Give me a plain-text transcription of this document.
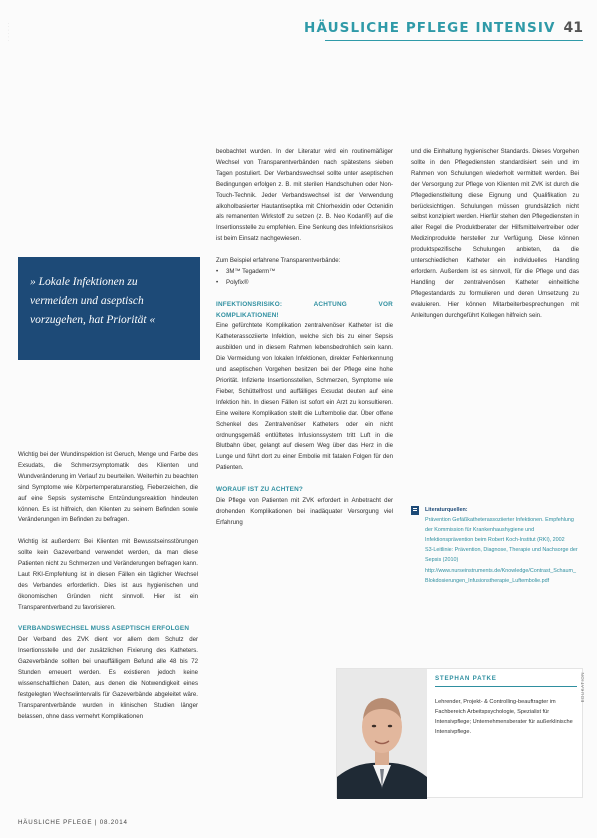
· · · · · ·	HÄUSLICHE PFLEGE INTENSIV 41
» Lokale Infektionen zu vermeiden und aseptisch vorzugehen, hat Priorität «

Wichtig bei der Wundinspektion ist Geruch, Menge und Farbe des Exsudats, die Schmerzsymptomatik des Klienten und Wundveränderung im Verlauf zu beurteilen. Weiterhin zu beachten sind Symptome wie Körpertemperaturanstieg, Fieberzeichen, die auf eine Sepsis systemische Entzündungsreaktion hindeuten können. Es ist hilfreich, den Klienten zu seinem Befinden sowie Veränderungen im Befinden zu befragen.

Wichtig ist außerdem: Bei Klienten mit Bewusstseinsstörungen sollte kein Gazeverband verwendet werden, da man diese Patienten nicht zu Schmerzen und Veränderungen befragen kann. Laut RKI-Empfehlung ist in diesen Fällen ein täglicher Wechsel des Verbandes erforderlich. Dies ist aus hygienischen und ökonomischen Gründen nicht sinnvoll. Hier ist ein Transparentverband zu favorisieren.

VERBANDSWECHSEL MUSS ASEPTISCH ERFOLGEN

Der Verband des ZVK dient vor allem dem Schutz der Insertionsstelle und der zusätzlichen Fixierung des Katheters. Gazeverbände sollten bei unauffälligem Befund alle 48 bis 72 Stunden erneuert werden. Es existieren jedoch keine wissenschaftlichen Daten, aus denen die Notwendigkeit eines festgelegten Wechselintervalls für Gazeverbände abgeleitet wäre. Transparentverbände wurden in klinischen Studien länger belassen, ohne dass vermehrt Komplikationen

beobachtet wurden. In der Literatur wird ein routinemäßiger Wechsel von Transparentverbänden nach spätestens sieben Tagen postuliert. Der Verbandswechsel sollte unter aseptischen Bedingungen erfolgen z. B. mit sterilen Handschuhen oder Non-Touch-Technik. Jeder Verbandswechsel ist der Verwendung alkoholbasierter Hautantiseptika mit Chlorhexidin oder Octenidin als remanenten Wirkstoff zu setzen (z. B. Neo Kodan®) auf die Insertionsstelle zu empfehlen. Eine Senkung des Infektionsrisikos ist beim Einsatz nachgewiesen.

Zum Beispiel erfahrene Transparentverbände:
• 3M™ Tegaderm™
• Polyfix®
INFEKTIONSRISIKO: ACHTUNG VOR KOMPLIKATIONEN!

Eine gefürchtete Komplikation zentralvenöser Katheter ist die Katheterassoziierte Infektion, welche sich bis zu einer Sepsis ausbilden und in diesem Rahmen lebensbedrohlich sein kann. Die Vermeidung von lokalen Infektionen, direkter Fehlerkennung und aseptischen Vorgehen besitzen bei der Pflege eine hohe Priorität. Infizierte Insertionsstellen, Schmerzen, Symptome wie Fieber, Schüttelfrost und auffälliges Exsudat deuten auf eine Infektion hin. In diesen Fällen ist sofort ein Arzt zu konsultieren. Eine weitere Komplikation stellt die Luftembolie dar. Über offene Schenkel des Zentralvenöser Katheters oder ein nicht ordnungsgemäß entlüftetes Infusionssystem tritt Luft in die Blutbahn über, gelangt auf diesem Weg über das Herz in die Lunge und führt dort zu einer Embolie mit fatalen Folgen für den Patienten.

WORAUF IST ZU ACHTEN?

Die Pflege von Patienten mit ZVK erfordert in Anbetracht der drohenden Komplikationen bei inadäquater Versorgung viel Erfahrung

und die Einhaltung hygienischer Standards. Dieses Vorgehen sollte in den Pflegediensten standardisiert sein und im Rahmen von Schulungen wiederholt vermittelt werden. Bei der Versorgung zur Pflege von Klienten mit ZVK ist durch die Pflegedienstleitung diese Eignung und Qualifikation zu berücksichtigen. Schulungen müssen grundsätzlich nicht selbst konzipiert werden. Hierfür stehen den Pflegediensten in aller Regel die Produktberater der Hilfsmittelvertreiber oder Medizinprodukte hersteller zur Verfügung. Diese können produktspezifische Schulungen anbieten, da die unterschiedlichen Katheter ein individuelles Handling erfordern. Außerdem ist es sinnvoll, für die Pflege und das Handling der zentralvenösen Katheter einheitliche Pflegestandards zu formulieren und deren Umsetzung zu evaluieren. Hier können Mitarbeiterbesprechungen mit Anleitungen durchgeführt Kollegen hilfreich sein.

Literaturquellen:
Prävention Gefäßkatheterassoziierter Infektionen. Empfehlung der Kommission für Krankenhaushygiene und Infektionsprävention beim Robert Koch-Institut (RKI), 2002
S3-Leitlinie: Prävention, Diagnose, Therapie und Nachsorge der Sepsis (2010)
http://www.nurseinstruments.de/Knowledge/Contrast_Schaum_Blokdosierungen_Infusionstherapie_Luftembolie.pdf
STEPHAN PATKE
Lehrender, Projekt- & Controlling-beauftragter im Fachbereich Arbeitspsychologie, Spezialist für Intensivpflege; Unternehmensberater für außerklinische Intensivpflege.
EDUKATION
HÄUSLICHE PFLEGE | 08.2014
